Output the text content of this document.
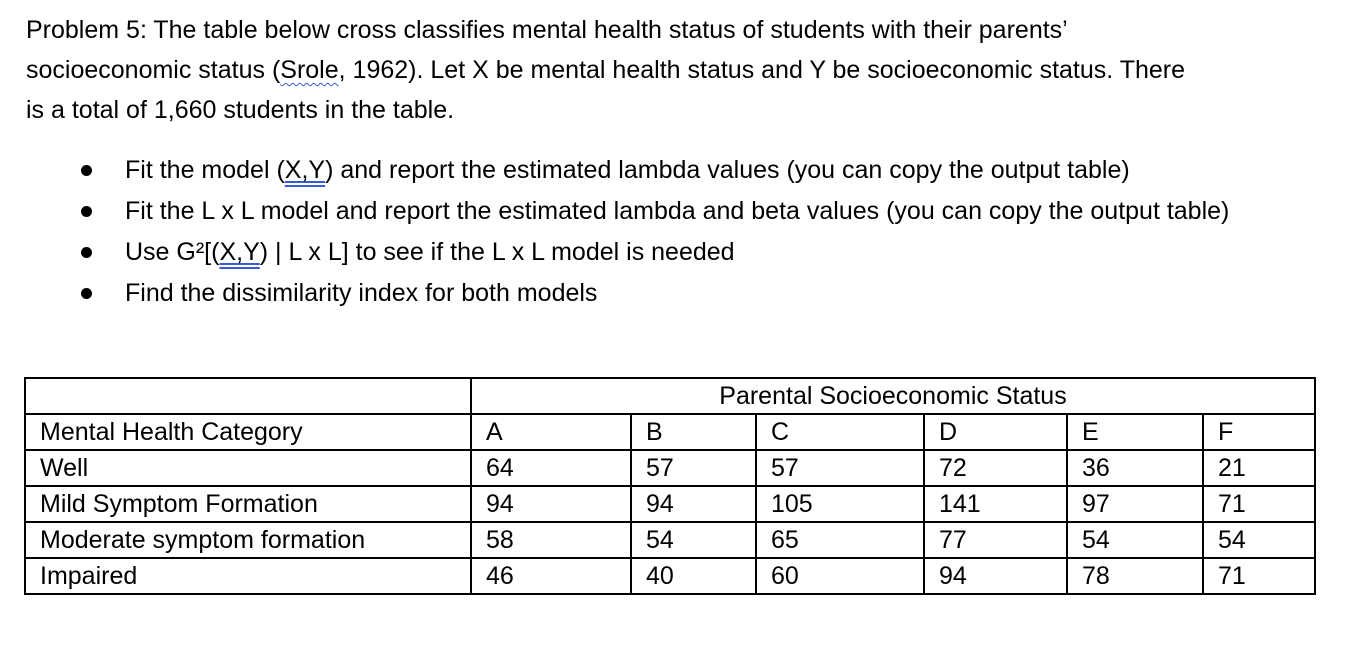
Problem 5: The table below cross classifies mental health status of students with their parents’
socioeconomic status (Srole, 1962). Let X be mental health status and Y be socioeconomic status. There
is a total of 1,660 students in the table.
Fit the model (X,Y) and report the estimated lambda values (you can copy the output table)
Fit the L x L model and report the estimated lambda and beta values (you can copy the output table)
Use G²[(X,Y) | L x L] to see if the L x L model is needed
Find the dissimilarity index for both models
	Parental Socioeconomic Status					
Mental Health Category	A	B	C	D	E	F
Well	64	57	57	72	36	21
Mild Symptom Formation	94	94	105	141	97	71
Moderate symptom formation	58	54	65	77	54	54
Impaired	46	40	60	94	78	71
